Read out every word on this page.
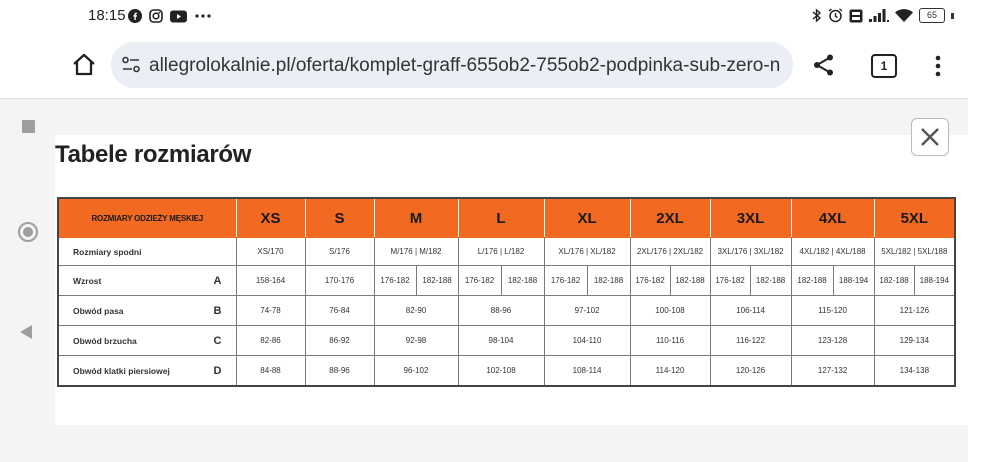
18:15	65
allegrolokalnie.pl/oferta/komplet-graff-655ob2-755ob2-podpinka-sub-zero-n	1
Tabele rozmiarów
ROZMIARY ODZIEŻY MĘSKIEJ	XS	S	M		L		XL		2XL		3XL		4XL		5XL	
Rozmiary spodni	XS/170	S/176	M/176 | M/182		L/176 | L/182		XL/176 | XL/182		2XL/176 | 2XL/182		3XL/176 | 3XL/182		4XL/182 | 4XL/188		5XL/182 | 5XL/188	
Wzrost A	158-164	170-176	176-182	182-188	176-182	182-188	176-182	182-188	176-182	182-188	176-182	182-188	182-188	188-194	182-188	188-194
Obwód pasa B	74-78	76-84	82-90		88-96		97-102		100-108		106-114		115-120		121-126	
Obwód brzucha C	82-86	86-92	92-98		98-104		104-110		110-116		116-122		123-128		129-134	
Obwód klatki piersiowej D	84-88	88-96	96-102		102-108		108-114		114-120		120-126		127-132		134-138	
